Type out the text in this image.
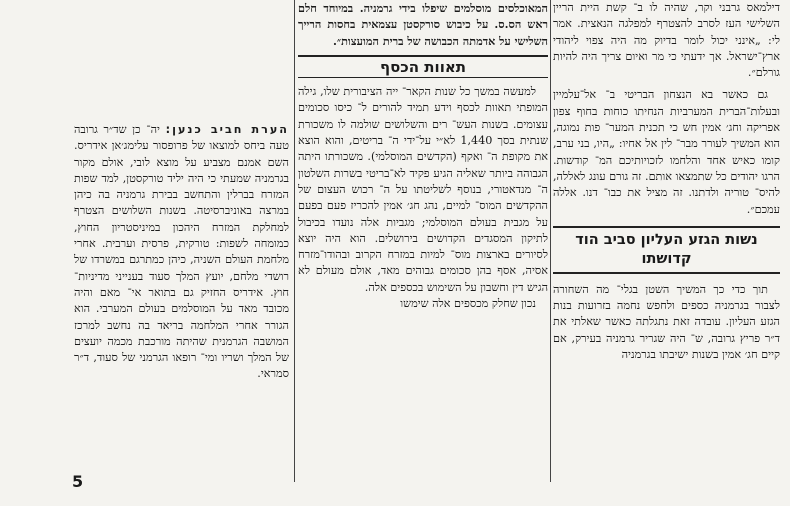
דילמאס גרבני וקר, שהיה לו ב־ קשת היית הריין השלישי העז לסרב להצטרף למפלגה הנאצית. אמר לי: „אינני יכול לומר בדיוק מה היה צפוי ליהודי ארץ־ישראל. אך ידעתי כי מר ואיום צריך היה להיות גורלם״.

גם כאשר בא הנצחון הבריטי ב־ אל־עלמיין ובעלות־הברית המערביות הנחיתו כוחות בחוף צפון אפריקה וחג׳ אמין חש כי תכנית המער־ פות נמוגה, הוא המשיך לעורר מבר־ לין אל אחיו: „היו, בני ערב, קומו כאיש אחד והלחמו לזכויותיכם המ־ קודשות. הרגו יהודים כל שתמצאו אותם. זה גורם עונג לאללה, להיס־ טוריה ולדתנו. זה מציל את כבו־ דנו. אללה עמכם״.

נשות הגזע העליון סביב הוד קדושתו

תוך כדי כך המשיך השטן בגלי־ מה השחורה לצבור בגרמניה כספים ולחפש נחמה בזרועות בנות הגזע העליון. עובדה זאת נתגלתה כאשר שאלתי את ד״ר פריץ גרובה, ש־ היה שגריר גרמניה בעירק, אם קיים חג׳ אמין בשנות ישיבתו בגרמניה

המאוכלסים מוסלמים שיפלו בידי גרמניה. במיוחד חלם ראש הס.ס. על כיבוש סורקסטן עצמאית בחסות הרייך השלישי על אדמתה הכבושה של ברית המועצות״.

תאוות הכסף

למעשה במשך כל שנות הקאר־ ייה הציבורית שלו, גילה המופתי תאוות לכסף וידע תמיד להורים ל־ כיסו סכומים עצומים. בשנות העש־ רים והשלושים שולמה לו משכורת שנתית בסך 1,440 לא״י על־ידי ה־ בריטים, והוא הוצא את מקופת ה־ ואקף (הקדשים המוסלמי). משכורתו היתה הגבוהה ביותר שאליה הגיע פקיד לא־בריטי בשרות השלטון ה־ מנדאטורי, בנוסף לשליטתו על ה־ רכוש העצום של ההקדשים המוס־ למיים, נהג חג׳ אמין להכריז פעם בפעם על מגבית בעולם המוסלמי; מגביות אלה נועדו בכיבול לתיקון המסגדים הקדושים בירושלים. הוא היה יוצא לסיורים בארצות מוס־ למיות במזרח הקרוב ובהודו־מזרח אסיה, אסף בהן סכומים גבוהים מאד, אולם מעולם לא הגיש דין וחשבון על השימוש בכספים אלה.

נכון שחלק מכספים אלה שימשו

הערת חביב כנען: יה־ כן שד״ר גרובה טעה ביחס למוצאו של פרופסור עלימג׳אן אידריס. השם אמנם מצביע על מוצא לובי, אולם מקור בגרמניה שמעתי כי היה יליד טורקסטן, למד שפות המזרח בברלין והתחשב בבירת גרמניה בה כיהן במרצה באוניברסיטה. בשנות השלושים הצטרף למחלקת המזרח היהכון במיניסטריון החוץ, כמומחה לשפות: טורקית, פרסית וערבית. אחרי מלחמת העולם השניה, כיהן כמתרגם במשרדו של רושדי מלחם, יועץ המלך סעוד בענייני מדיניות־ חוץ. אידריס החזיק גם בתואר אי־ מאם והיה מכובד מאד על המוסלמים בעולם המערבי. הוא הגורר אחרי המלחמה בריאד בה נחשב למרכז המושבה הגרמנית שהיתה מורכבת מכמה יועצים של המלך ושריו ומי־ רופאו הגרמני של סעוד, ד״ר סמראי.

5
